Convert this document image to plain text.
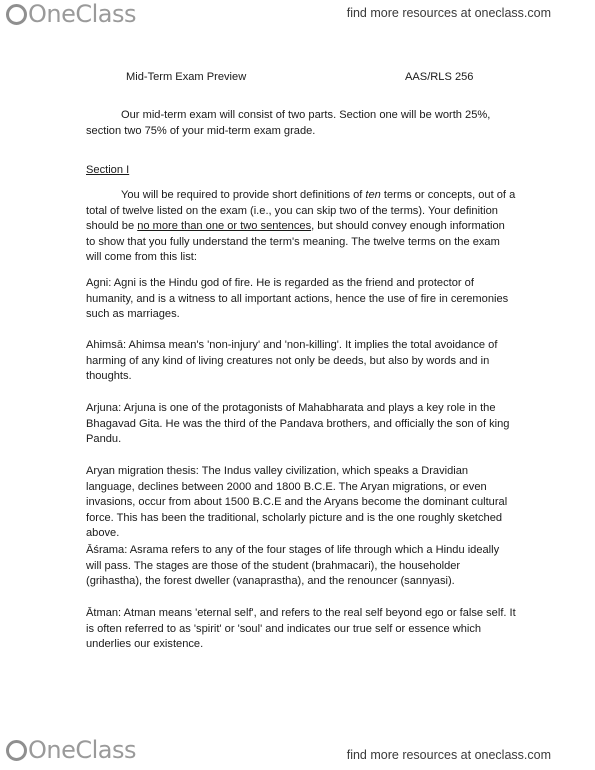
OneClass	find more resources at oneclass.com
Mid-Term Exam Preview	AAS/RLS 256

Our mid-term exam will consist of two parts. Section one will be worth 25%, section two 75% of your mid-term exam grade.

Section I

You will be required to provide short definitions of ten terms or concepts, out of a total of twelve listed on the exam (i.e., you can skip two of the terms). Your definition should be no more than one or two sentences, but should convey enough information to show that you fully understand the term's meaning. The twelve terms on the exam will come from this list:

Agni: Agni is the Hindu god of fire. He is regarded as the friend and protector of humanity, and is a witness to all important actions, hence the use of fire in ceremonies such as marriages.

Ahimsā: Ahimsa mean's 'non-injury' and 'non-killing'. It implies the total avoidance of harming of any kind of living creatures not only be deeds, but also by words and in thoughts.

Arjuna: Arjuna is one of the protagonists of Mahabharata and plays a key role in the Bhagavad Gita. He was the third of the Pandava brothers, and officially the son of king Pandu.

Aryan migration thesis: The Indus valley civilization, which speaks a Dravidian language, declines between 2000 and 1800 B.C.E. The Aryan migrations, or even invasions, occur from about 1500 B.C.E and the Aryans become the dominant cultural force. This has been the traditional, scholarly picture and is the one roughly sketched above.

Āśrama: Asrama refers to any of the four stages of life through which a Hindu ideally will pass. The stages are those of the student (brahmacari), the householder (grihastha), the forest dweller (vanaprastha), and the renouncer (sannyasi).

Ātman: Atman means 'eternal self', and refers to the real self beyond ego or false self. It is often referred to as 'spirit' or 'soul' and indicates our true self or essence which underlies our existence.

OneClass	find more resources at oneclass.com
